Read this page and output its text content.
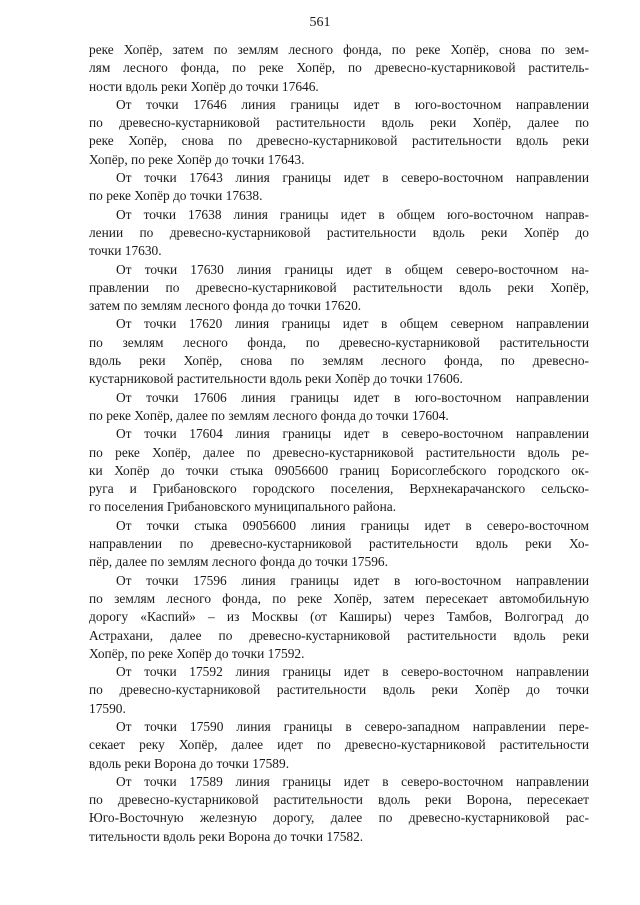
561

реке Хопёр, затем по землям лесного фонда, по реке Хопёр, снова по зем-
лям лесного фонда, по реке Хопёр, по древесно-кустарниковой раститель-
ности вдоль реки Хопёр до точки 17646.

От точки 17646 линия границы идет в юго-восточном направлении
по древесно-кустарниковой растительности вдоль реки Хопёр, далее по
реке Хопёр, снова по древесно-кустарниковой растительности вдоль реки
Хопёр, по реке Хопёр до точки 17643.

От точки 17643 линия границы идет в северо-восточном направлении
по реке Хопёр до точки 17638.

От точки 17638 линия границы идет в общем юго-восточном направ-
лении по древесно-кустарниковой растительности вдоль реки Хопёр до
точки 17630.

От точки 17630 линия границы идет в общем северо-восточном на-
правлении по древесно-кустарниковой растительности вдоль реки Хопёр,
затем по землям лесного фонда до точки 17620.

От точки 17620 линия границы идет в общем северном направлении
по землям лесного фонда, по древесно-кустарниковой растительности
вдоль реки Хопёр, снова по землям лесного фонда, по древесно-
кустарниковой растительности вдоль реки Хопёр до точки 17606.

От точки 17606 линия границы идет в юго-восточном направлении
по реке Хопёр, далее по землям лесного фонда до точки 17604.

От точки 17604 линия границы идет в северо-восточном направлении
по реке Хопёр, далее по древесно-кустарниковой растительности вдоль ре-
ки Хопёр до точки стыка 09056600 границ Борисоглебского городского ок-
руга и Грибановского городского поселения, Верхнекарачанского сельско-
го поселения Грибановского муниципального района.

От точки стыка 09056600 линия границы идет в северо-восточном
направлении по древесно-кустарниковой растительности вдоль реки Хо-
пёр, далее по землям лесного фонда до точки 17596.

От точки 17596 линия границы идет в юго-восточном направлении
по землям лесного фонда, по реке Хопёр, затем пересекает автомобильную
дорогу «Каспий» – из Москвы (от Каширы) через Тамбов, Волгоград до
Астрахани, далее по древесно-кустарниковой растительности вдоль реки
Хопёр, по реке Хопёр до точки 17592.

От точки 17592 линия границы идет в северо-восточном направлении
по древесно-кустарниковой растительности вдоль реки Хопёр до точки
17590.

От точки 17590 линия границы в северо-западном направлении пере-
секает реку Хопёр, далее идет по древесно-кустарниковой растительности
вдоль реки Ворона до точки 17589.

От точки 17589 линия границы идет в северо-восточном направлении
по древесно-кустарниковой растительности вдоль реки Ворона, пересекает
Юго-Восточную железную дорогу, далее по древесно-кустарниковой рас-
тительности вдоль реки Ворона до точки 17582.
